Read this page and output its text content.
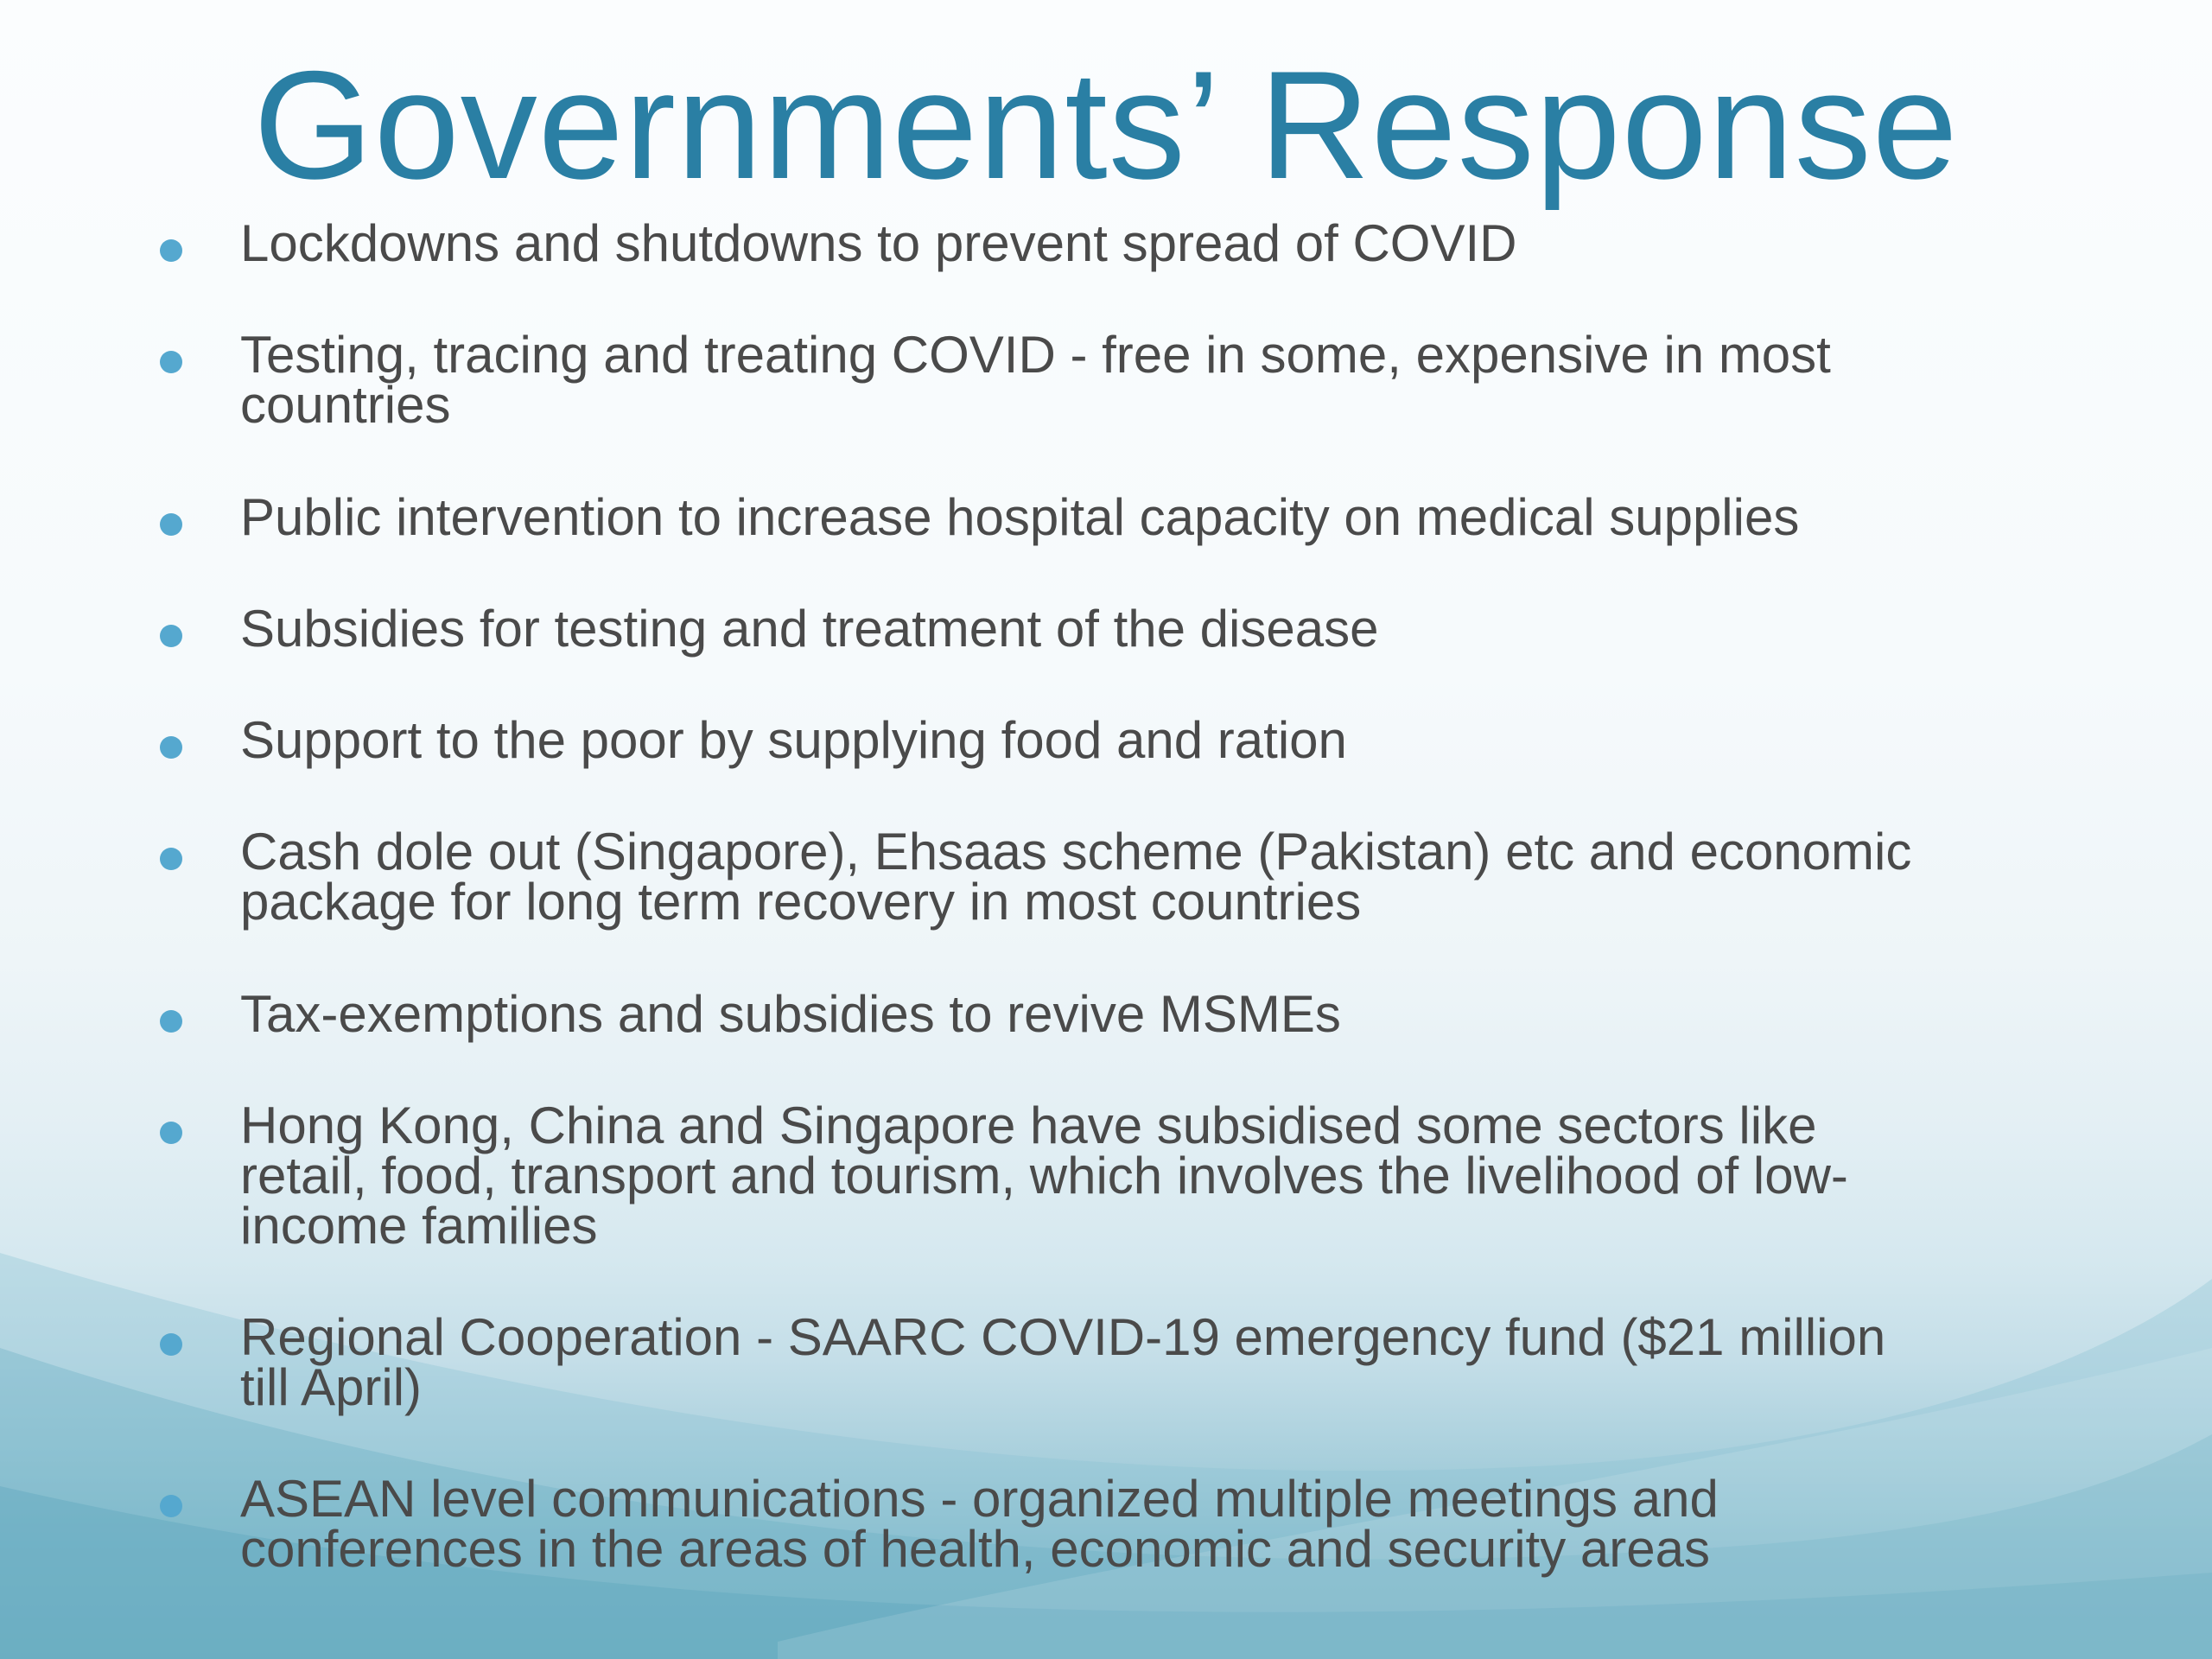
Governments’ Response
Lockdowns and shutdowns to prevent spread of COVID
Testing, tracing and treating COVID - free in some, expensive in most
countries
Public intervention to increase hospital capacity on medical supplies
Subsidies for testing and treatment of the disease
Support to the poor by supplying food and ration
Cash dole out (Singapore), Ehsaas scheme (Pakistan) etc and economic
package for long term recovery in most countries
Tax-exemptions and subsidies to revive MSMEs
Hong Kong, China and Singapore have subsidised some sectors like
retail, food, transport and tourism, which involves the livelihood of low-
income families
Regional Cooperation - SAARC COVID-19 emergency fund ($21 million
till April)
ASEAN level communications - organized multiple meetings and
conferences in the areas of health, economic and security areas
